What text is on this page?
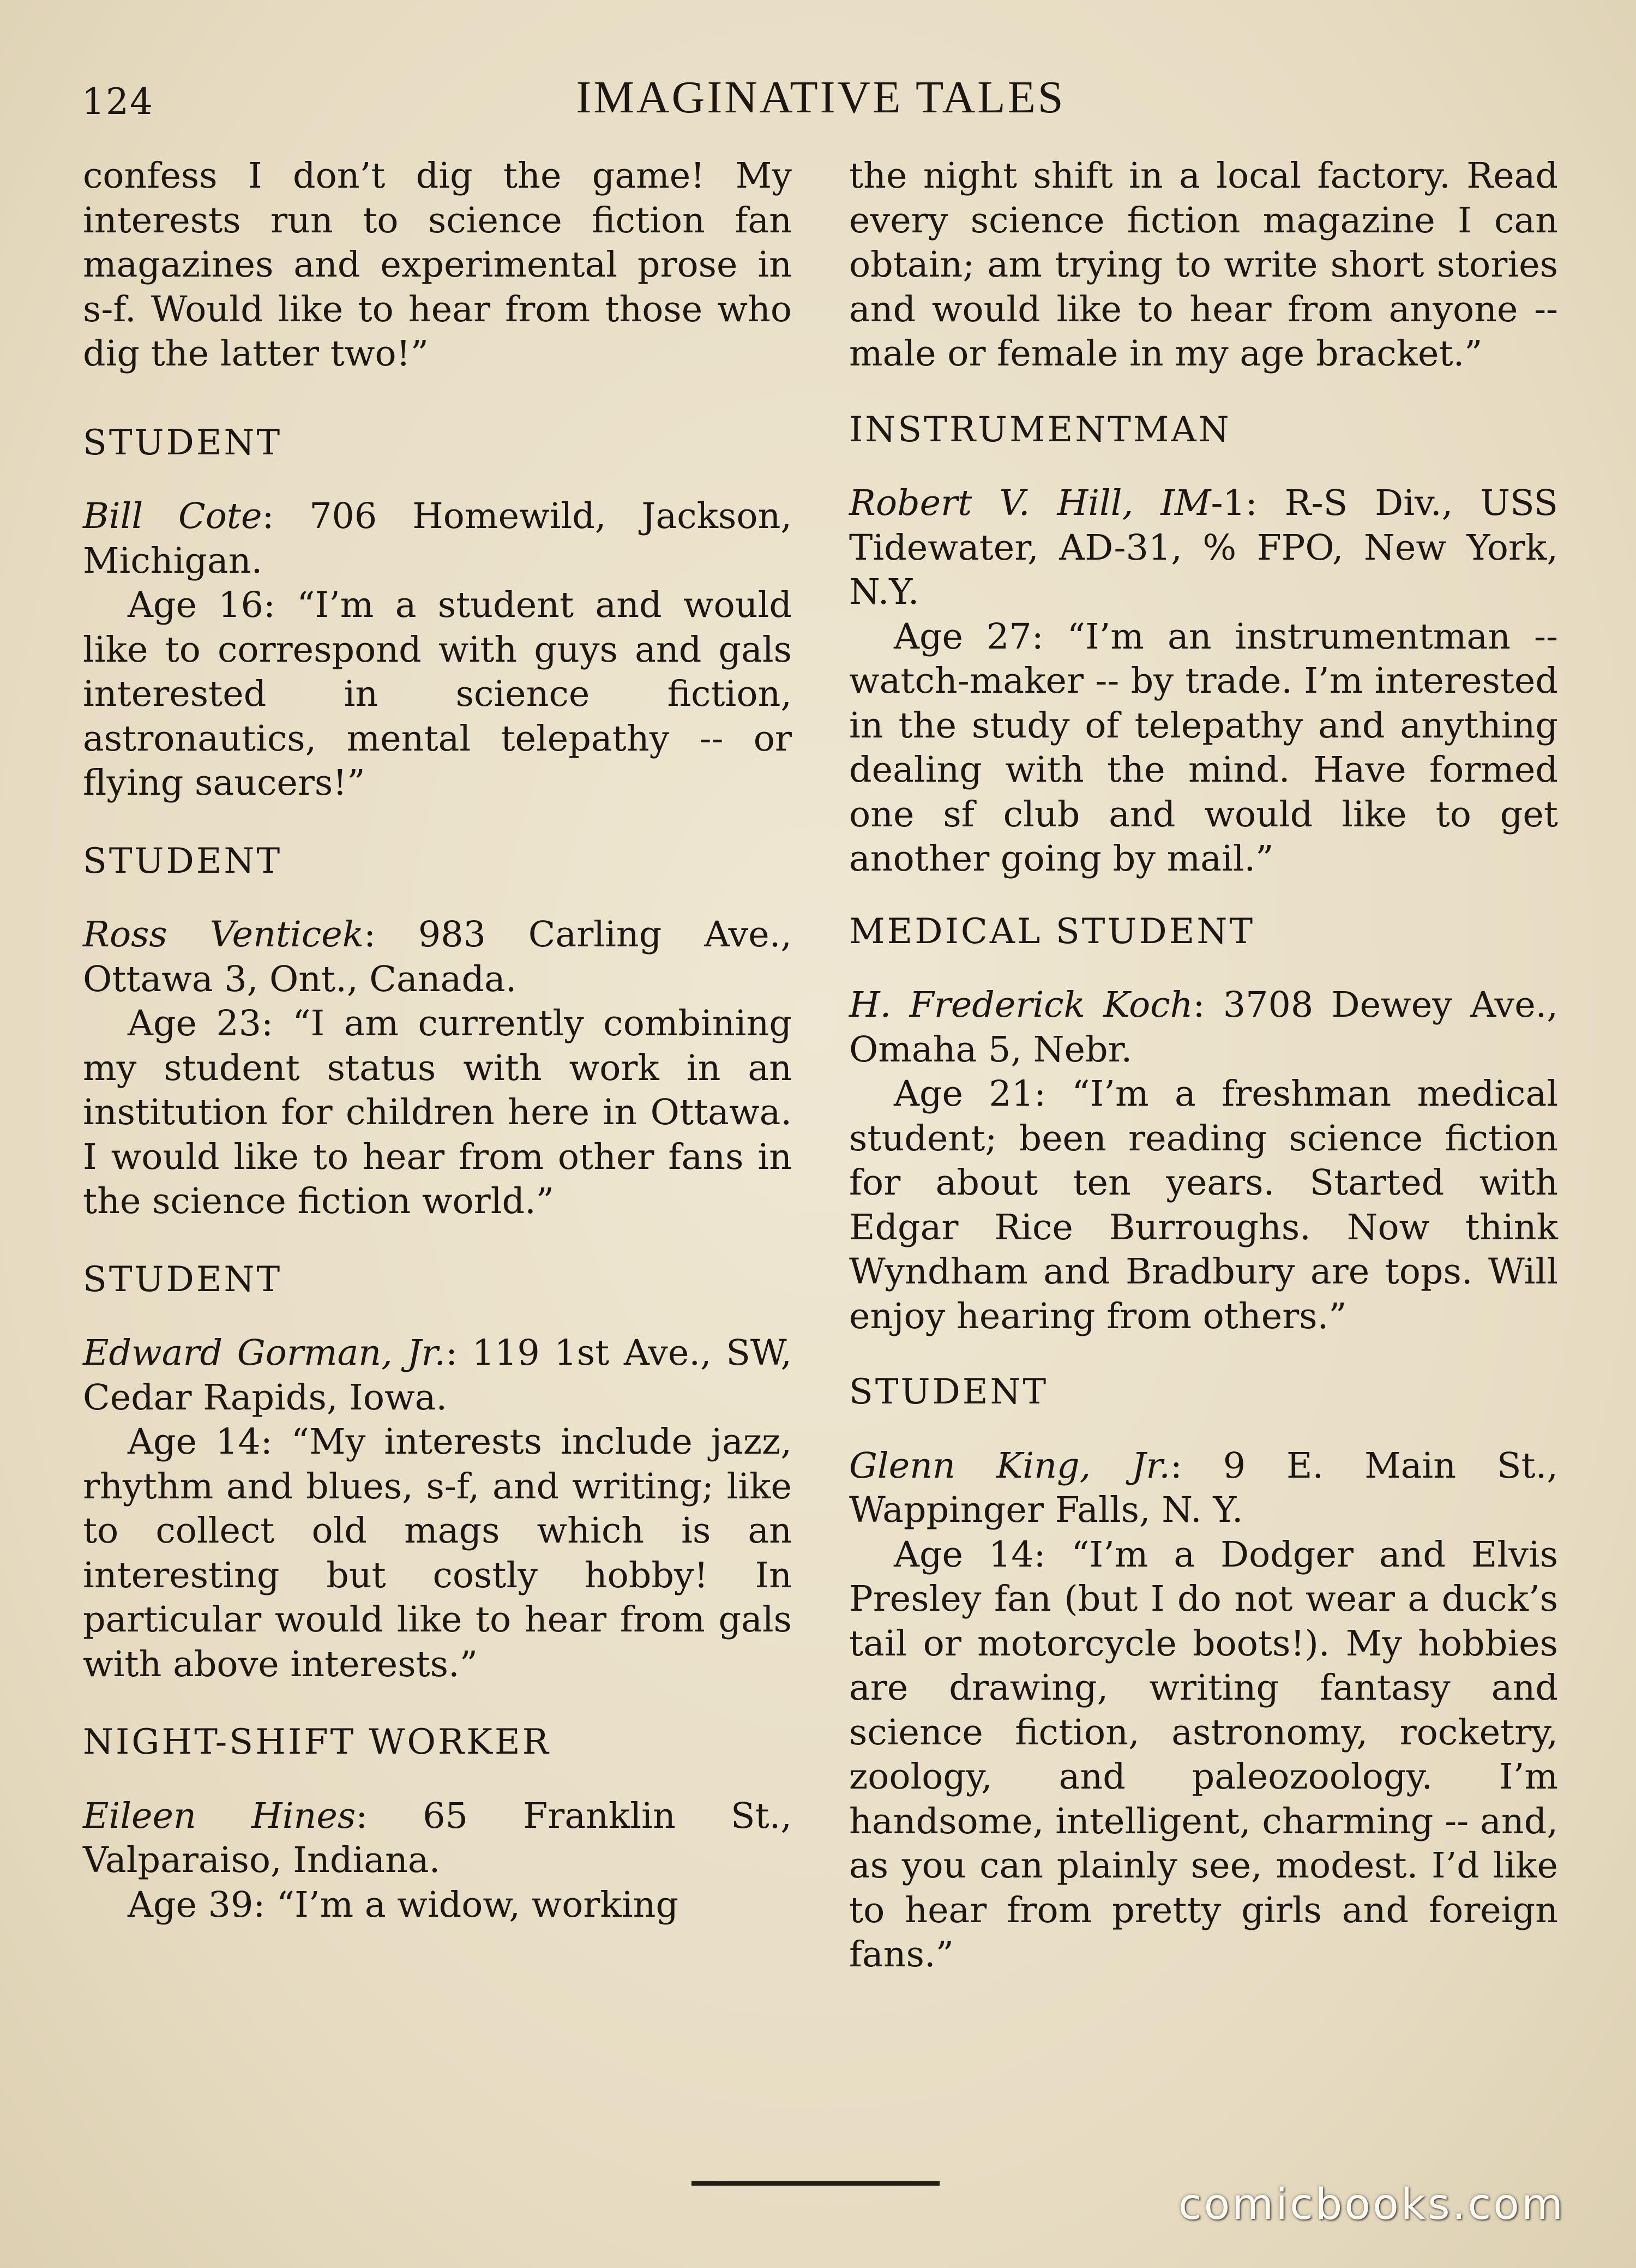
124	IMAGINATIVE TALES

confess I don’t dig the game! My interests run to science fiction fan magazines and experimental prose in s-f. Would like to hear from those who dig the latter two!”

STUDENT

Bill Cote: 706 Homewild, Jackson, Michigan.
Age 16: “I’m a student and would like to correspond with guys and gals interested in science fiction, astronautics, mental telepathy -- or flying saucers!”

STUDENT

Ross Venticek: 983 Carling Ave., Ottawa 3, Ont., Canada.
Age 23: “I am currently combining my student status with work in an institution for children here in Ottawa. I would like to hear from other fans in the science fiction world.”

STUDENT

Edward Gorman, Jr.: 119 1st Ave., SW, Cedar Rapids, Iowa.
Age 14: “My interests include jazz, rhythm and blues, s-f, and writing; like to collect old mags which is an interesting but costly hobby! In particular would like to hear from gals with above interests.”

NIGHT-SHIFT WORKER

Eileen Hines: 65 Franklin St., Valparaiso, Indiana.
Age 39: “I’m a widow, working

the night shift in a local factory. Read every science fiction magazine I can obtain; am trying to write short stories and would like to hear from anyone -- male or female in my age bracket.”

INSTRUMENTMAN

Robert V. Hill, IM-1: R-S Div., USS Tidewater, AD-31, % FPO, New York, N.Y.
Age 27: “I’m an instrumentman -- watch-maker -- by trade. I’m interested in the study of telepathy and anything dealing with the mind. Have formed one sf club and would like to get another going by mail.”

MEDICAL STUDENT

H. Frederick Koch: 3708 Dewey Ave., Omaha 5, Nebr.
Age 21: “I’m a freshman medical student; been reading science fiction for about ten years. Started with Edgar Rice Burroughs. Now think Wyndham and Bradbury are tops. Will enjoy hearing from others.”

STUDENT

Glenn King, Jr.: 9 E. Main St., Wappinger Falls, N. Y.
Age 14: “I’m a Dodger and Elvis Presley fan (but I do not wear a duck’s tail or motorcycle boots!). My hobbies are drawing, writing fantasy and science fiction, astronomy, rocketry, zoology, and paleozoology. I’m handsome, intelligent, charming -- and, as you can plainly see, modest. I’d like to hear from pretty girls and foreign fans.”

comicbooks.com
